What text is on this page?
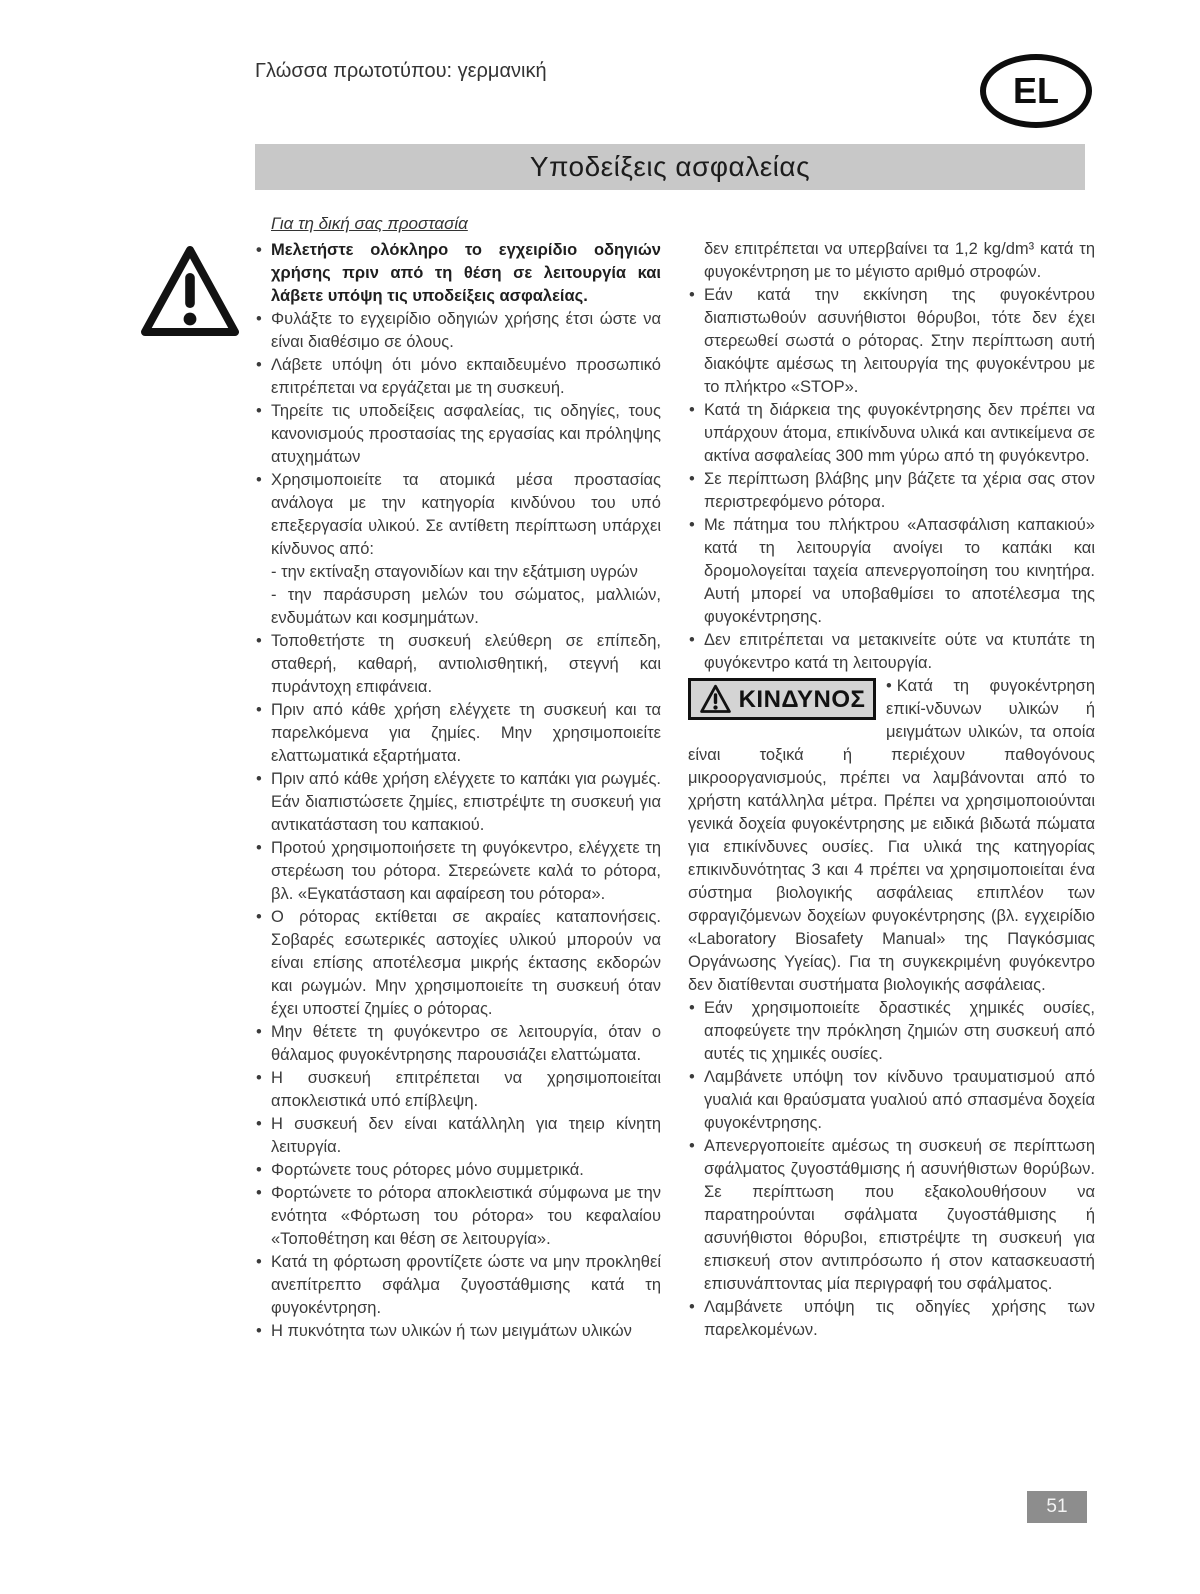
Γλώσσα πρωτοτύπου: γερμανική	EL
Υποδείξεις ασφαλείας

Για τη δική σας προστασία

• Μελετήστε ολόκληρο το εγχειρίδιο οδηγιών χρήσης πριν από τη θέση σε λειτουργία και λάβετε υπόψη τις υποδείξεις ασφαλείας.

• Φυλάξτε το εγχειρίδιο οδηγιών χρήσης έτσι ώστε να είναι διαθέσιμο σε όλους.

• Λάβετε υπόψη ότι μόνο εκπαιδευμένο προσωπικό επιτρέπεται να εργάζεται με τη συσκευή.

• Τηρείτε τις υποδείξεις ασφαλείας, τις οδηγίες, τους κανονισμούς προστασίας της εργασίας και πρόληψης ατυχημάτων

• Χρησιμοποιείτε τα ατομικά μέσα προστασίας ανάλογα με την κατηγορία κινδύνου του υπό επεξεργασία υλικού. Σε αντίθετη περίπτωση υπάρχει κίνδυνος από:

- την εκτίναξη σταγονιδίων και την εξάτμιση υγρών

- την παράσυρση μελών του σώματος, μαλλιών, ενδυμάτων και κοσμημάτων.

• Τοποθετήστε τη συσκευή ελεύθερη σε επίπεδη, σταθερή, καθαρή, αντιολισθητική, στεγνή και πυράντοχη επιφάνεια.

• Πριν από κάθε χρήση ελέγχετε τη συσκευή και τα παρελκόμενα για ζημίες. Μην χρησιμοποιείτε ελαττωματικά εξαρτήματα.

• Πριν από κάθε χρήση ελέγχετε το καπάκι για ρωγμές. Εάν διαπιστώσετε ζημίες, επιστρέψτε τη συσκευή για αντικατάσταση του καπακιού.

• Προτού χρησιμοποιήσετε τη φυγόκεντρο, ελέγχετε τη στερέωση του ρότορα. Στερεώνετε καλά το ρότορα, βλ. «Εγκατάσταση και αφαίρεση του ρότορα».

• Ο ρότορας εκτίθεται σε ακραίες καταπονήσεις. Σοβαρές εσωτερικές αστοχίες υλικού μπορούν να είναι επίσης αποτέλεσμα μικρής έκτασης εκδορών και ρωγμών. Μην χρησιμοποιείτε τη συσκευή όταν έχει υποστεί ζημίες ο ρότορας.

• Μην θέτετε τη φυγόκεντρο σε λειτουργία, όταν ο θάλαμος φυγοκέντρησης παρουσιάζει ελαττώματα.

• Η συσκευή επιτρέπεται να χρησιμοποιείται αποκλειστικά υπό επίβλεψη.

• Η συσκευή δεν είναι κατάλληλη για τηειρ κίνητη λειτυργία.

• Φορτώνετε τους ρότορες μόνο συμμετρικά.

• Φορτώνετε το ρότορα αποκλειστικά σύμφωνα με την ενότητα «Φόρτωση του ρότορα» του κεφαλαίου «Τοποθέτηση και θέση σε λειτουργία».

• Κατά τη φόρτωση φροντίζετε ώστε να μην προκληθεί ανεπίτρεπτο σφάλμα ζυγοστάθμισης κατά τη φυγοκέντρηση.

• Η πυκνότητα των υλικών ή των μειγμάτων υλικών

δεν επιτρέπεται να υπερβαίνει τα 1,2 kg/dm³ κατά τη φυγοκέντρηση με το μέγιστο αριθμό στροφών.

• Εάν κατά την εκκίνηση της φυγοκέντρου διαπιστωθούν ασυνήθιστοι θόρυβοι, τότε δεν έχει στερεωθεί σωστά ο ρότορας. Στην περίπτωση αυτή διακόψτε αμέσως τη λειτουργία της φυγοκέντρου με το πλήκτρο «STOP».

• Κατά τη διάρκεια της φυγοκέντρησης δεν πρέπει να υπάρχουν άτομα, επικίνδυνα υλικά και αντικείμενα σε ακτίνα ασφαλείας 300 mm γύρω από τη φυγόκεντρο.

• Σε περίπτωση βλάβης μην βάζετε τα χέρια σας στον περιστρεφόμενο ρότορα.

• Με πάτημα του πλήκτρου «Απασφάλιση καπακιού» κατά τη λειτουργία ανοίγει το καπάκι και δρομολογείται ταχεία απενεργοποίηση του κινητήρα. Αυτή μπορεί να υποβαθμίσει το αποτέλεσμα της φυγοκέντρησης.

• Δεν επιτρέπεται να μετακινείτε ούτε να κτυπάτε τη φυγόκεντρο κατά τη λειτουργία.

ΚΙΝΔΥΝΟΣ • Κατά τη φυγοκέντρηση επικί-νδυνων υλικών ή μειγμάτων υλικών, τα οποία είναι τοξικά ή περιέχουν παθογόνους μικροοργανισμούς, πρέπει να λαμβάνονται από το χρήστη κατάλληλα μέτρα. Πρέπει να χρησιμοποιούνται γενικά δοχεία φυγοκέντρησης με ειδικά βιδωτά πώματα για επικίνδυνες ουσίες. Για υλικά της κατηγορίας επικινδυνότητας 3 και 4 πρέπει να χρησιμοποιείται ένα σύστημα βιολογικής ασφάλειας επιπλέον των σφραγιζόμενων δοχείων φυγοκέντρησης (βλ. εγχειρίδιο «Laboratory Biosafety Manual» της Παγκόσμιας Οργάνωσης Υγείας). Για τη συγκεκριμένη φυγόκεντρο δεν διατίθενται συστήματα βιολογικής ασφάλειας.

• Εάν χρησιμοποιείτε δραστικές χημικές ουσίες, αποφεύγετε την πρόκληση ζημιών στη συσκευή από αυτές τις χημικές ουσίες.

• Λαμβάνετε υπόψη τον κίνδυνο τραυματισμού από γυαλιά και θραύσματα γυαλιού από σπασμένα δοχεία φυγοκέντρησης.

• Απενεργοποιείτε αμέσως τη συσκευή σε περίπτωση σφάλματος ζυγοστάθμισης ή ασυνήθιστων θορύβων. Σε περίπτωση που εξακολουθήσουν να παρατηρούνται σφάλματα ζυγοστάθμισης ή ασυνήθιστοι θόρυβοι, επιστρέψτε τη συσκευή για επισκευή στον αντιπρόσωπο ή στον κατασκευαστή επισυνάπτοντας μία περιγραφή του σφάλματος.

• Λαμβάνετε υπόψη τις οδηγίες χρήσης των παρελκομένων.

51
